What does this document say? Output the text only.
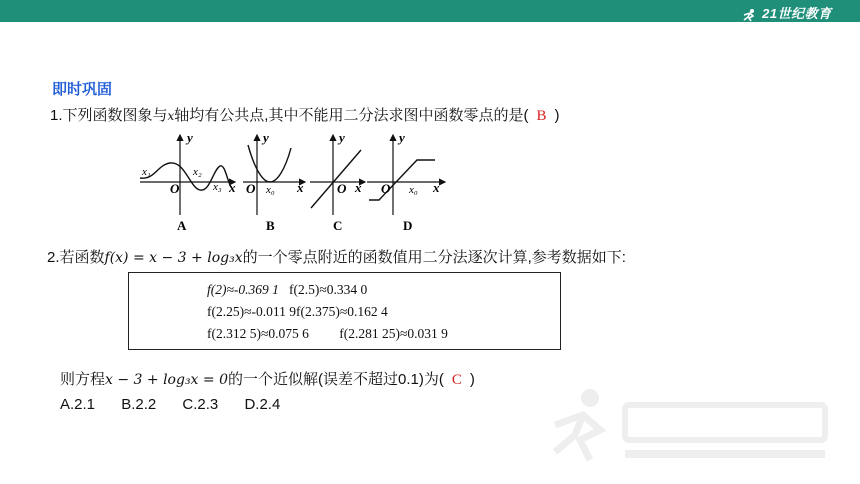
21世纪教育
即时巩固
1.下列函数图象与x轴均有公共点,其中不能用二分法求图中函数零点的是( B )
y
O	x
x₁	x₂
x₃
A
y
O x₀ x
B
y
O x
C
y
O x₀ x
D
2.若函数f(x) = x − 3 + log₃x的一个零点附近的函数值用二分法逐次计算,参考数据如下:
f(2)≈-0.369 1 f(2.5)≈0.334 0
f(2.25)≈-0.011 9f(2.375)≈0.162 4
f(2.312 5)≈0.075 6 f(2.281 25)≈0.031 9
则方程x − 3 + log₃x = 0的一个近似解(误差不超过0.1)为( C )
A.2.1 B.2.2 C.2.3 D.2.4
